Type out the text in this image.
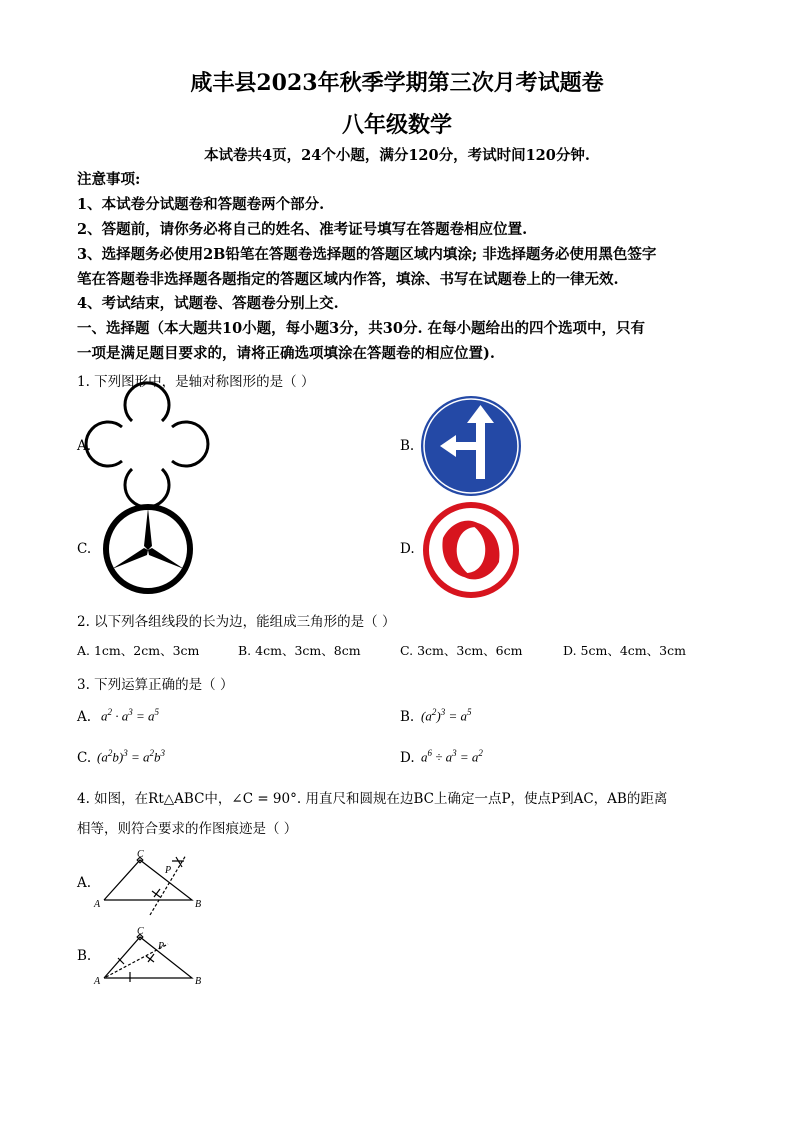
咸丰县2023年秋季学期第三次月考试题卷
八年级数学
本试卷共4页，24个小题，满分120分，考试时间120分钟.
注意事项:
1、本试卷分试题卷和答题卷两个部分.
2、答题前，请你务必将自己的姓名、准考证号填写在答题卷相应位置.
3、选择题务必使用2B铅笔在答题卷选择题的答题区域内填涂; 非选择题务必使用黑色签字
笔在答题卷非选择题各题指定的答题区域内作答，填涂、书写在试题卷上的一律无效.
4、考试结束，试题卷、答题卷分别上交.
一、选择题（本大题共10小题，每小题3分，共30分. 在每小题给出的四个选项中，只有
一项是满足题目要求的，请将正确选项填涂在答题卷的相应位置).
1. 下列图形中，是轴对称图形的是（ ）
A.	B.
C.	D.
2. 以下列各组线段的长为边，能组成三角形的是（ ）
A. 1cm、2cm、3cm	B. 4cm、3cm、8cm	C. 3cm、3cm、6cm	D. 5cm、4cm、3cm
3. 下列运算正确的是（ ）
A. $a^2 \cdot a^3 = a^5$	B. $(a^2)^3 = a^5$
C. $(a^2b)^3 = a^2b^3$	D. $a^6 \div a^3 = a^2$
4. 如图，在Rt△ABC中，∠C = 90°. 用直尺和圆规在边BC上确定一点P，使点P到AC，AB的距离
相等，则符合要求的作图痕迹是（ ）
A.
B.
C
A	B
P
C
A	B
P
